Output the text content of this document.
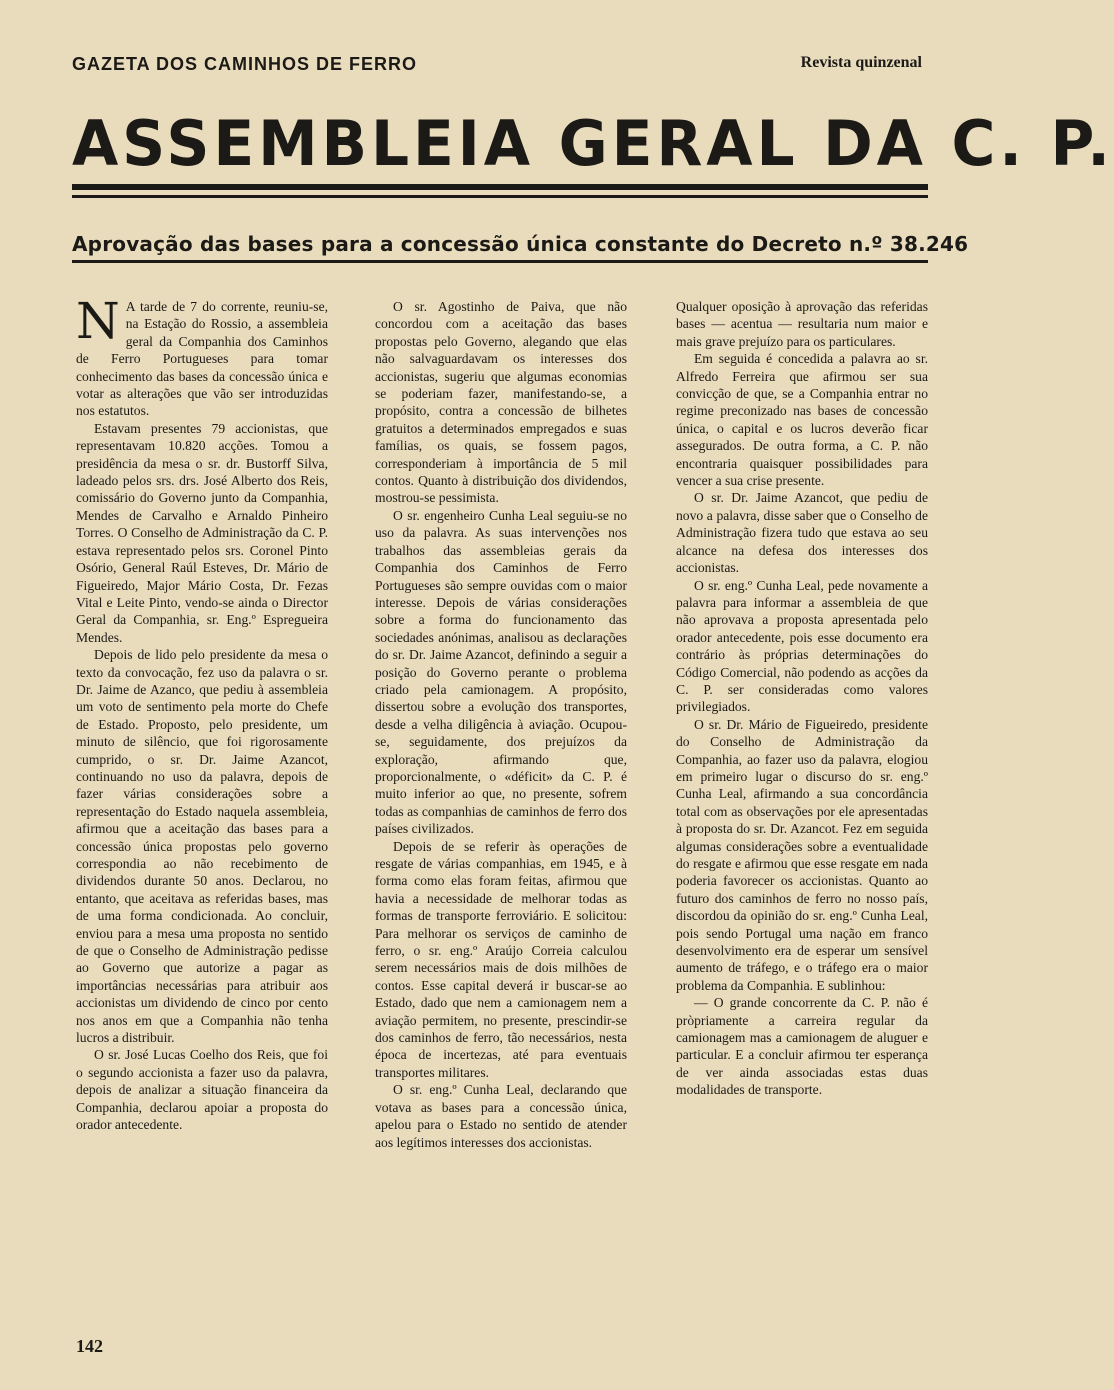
GAZETA DOS CAMINHOS DE FERRO	Revista quinzenal
ASSEMBLEIA GERAL DA C. P.
Aprovação das bases para a concessão única constante do Decreto n.º 38.246

N A tarde de 7 do corrente, reuniu-se, na Estação do Rossio, a assembleia geral da Companhia dos Caminhos de Ferro Portugueses para tomar conhecimento das bases da concessão única e votar as alterações que vão ser introduzidas nos estatutos.

Estavam presentes 79 accionistas, que representavam 10.820 acções. Tomou a presidência da mesa o sr. dr. Bustorff Silva, ladeado pelos srs. drs. José Alberto dos Reis, comissário do Governo junto da Companhia, Mendes de Carvalho e Arnaldo Pinheiro Torres. O Conselho de Administração da C. P. estava representado pelos srs. Coronel Pinto Osório, General Raúl Esteves, Dr. Mário de Figueiredo, Major Mário Costa, Dr. Fezas Vital e Leite Pinto, vendo-se ainda o Director Geral da Companhia, sr. Eng.º Espregueira Mendes.

Depois de lido pelo presidente da mesa o texto da convocação, fez uso da palavra o sr. Dr. Jaime de Azanco, que pediu à assembleia um voto de sentimento pela morte do Chefe de Estado. Proposto, pelo presidente, um minuto de silêncio, que foi rigorosamente cumprido, o sr. Dr. Jaime Azancot, continuando no uso da palavra, depois de fazer várias considerações sobre a representação do Estado naquela assembleia, afirmou que a aceitação das bases para a concessão única propostas pelo governo correspondia ao não recebimento de dividendos durante 50 anos. Declarou, no entanto, que aceitava as referidas bases, mas de uma forma condicionada. Ao concluir, enviou para a mesa uma proposta no sentido de que o Conselho de Administração pedisse ao Governo que autorize a pagar as importâncias necessárias para atribuir aos accionistas um dividendo de cinco por cento nos anos em que a Companhia não tenha lucros a distribuir.

O sr. José Lucas Coelho dos Reis, que foi o segundo accionista a fazer uso da palavra, depois de analizar a situação financeira da Companhia, declarou apoiar a proposta do orador antecedente.

O sr. Agostinho de Paiva, que não concordou com a aceitação das bases propostas pelo Governo, alegando que elas não salvaguardavam os interesses dos accionistas, sugeriu que algumas economias se poderiam fazer, manifestando-se, a propósito, contra a concessão de bilhetes gratuitos a determinados empregados e suas famílias, os quais, se fossem pagos, corresponderiam à importância de 5 mil contos. Quanto à distribuição dos dividendos, mostrou-se pessimista.

O sr. engenheiro Cunha Leal seguiu-se no uso da palavra. As suas intervenções nos trabalhos das assembleias gerais da Companhia dos Caminhos de Ferro Portugueses são sempre ouvidas com o maior interesse. Depois de várias considerações sobre a forma do funcionamento das sociedades anónimas, analisou as declarações do sr. Dr. Jaime Azancot, definindo a seguir a posição do Governo perante o problema criado pela camionagem. A propósito, dissertou sobre a evolução dos transportes, desde a velha diligência à aviação. Ocupou-se, seguidamente, dos prejuízos da exploração, afirmando que, proporcionalmente, o «déficit» da C. P. é muito inferior ao que, no presente, sofrem todas as companhias de caminhos de ferro dos países civilizados.

Depois de se referir às operações de resgate de várias companhias, em 1945, e à forma como elas foram feitas, afirmou que havia a necessidade de melhorar todas as formas de transporte ferroviário. E solicitou: Para melhorar os serviços de caminho de ferro, o sr. eng.º Araújo Correia calculou serem necessários mais de dois milhões de contos. Esse capital deverá ir buscar-se ao Estado, dado que nem a camionagem nem a aviação permitem, no presente, prescindir-se dos caminhos de ferro, tão necessários, nesta época de incertezas, até para eventuais transportes militares.

O sr. eng.º Cunha Leal, declarando que votava as bases para a concessão única, apelou para o Estado no sentido de atender aos legítimos interesses dos accionistas.

Qualquer oposição à aprovação das referidas bases — acentua — resultaria num maior e mais grave prejuízo para os particulares.

Em seguida é concedida a palavra ao sr. Alfredo Ferreira que afirmou ser sua convicção de que, se a Companhia entrar no regime preconizado nas bases de concessão única, o capital e os lucros deverão ficar assegurados. De outra forma, a C. P. não encontraria quaisquer possibilidades para vencer a sua crise presente.

O sr. Dr. Jaime Azancot, que pediu de novo a palavra, disse saber que o Conselho de Administração fizera tudo que estava ao seu alcance na defesa dos interesses dos accionistas.

O sr. eng.º Cunha Leal, pede novamente a palavra para informar a assembleia de que não aprovava a proposta apresentada pelo orador antecedente, pois esse documento era contrário às próprias determinações do Código Comercial, não podendo as acções da C. P. ser consideradas como valores privilegiados.

O sr. Dr. Mário de Figueiredo, presidente do Conselho de Administração da Companhia, ao fazer uso da palavra, elogiou em primeiro lugar o discurso do sr. eng.º Cunha Leal, afirmando a sua concordância total com as observações por ele apresentadas à proposta do sr. Dr. Azancot. Fez em seguida algumas considerações sobre a eventualidade do resgate e afirmou que esse resgate em nada poderia favorecer os accionistas. Quanto ao futuro dos caminhos de ferro no nosso país, discordou da opinião do sr. eng.º Cunha Leal, pois sendo Portugal uma nação em franco desenvolvimento era de esperar um sensível aumento de tráfego, e o tráfego era o maior problema da Companhia. E sublinhou:

— O grande concorrente da C. P. não é pròpriamente a carreira regular da camionagem mas a camionagem de aluguer e particular. E a concluir afirmou ter esperança de ver ainda associadas estas duas modalidades de transporte.

142
